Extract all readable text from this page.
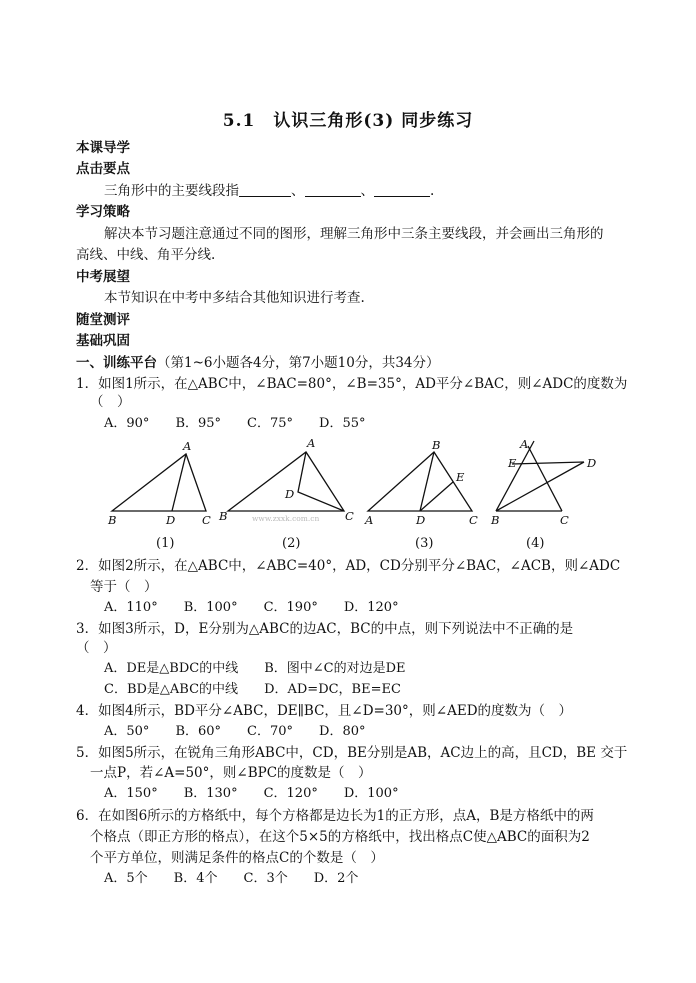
5.1　认识三角形(3) 同步练习
本课导学
点击要点
三角形中的主要线段指	、	、	.
学习策略
解决本节习题注意通过不同的图形，理解三角形中三条主要线段，并会画出三角形的
高线、中线、角平分线.
中考展望
本节知识在中考中多结合其他知识进行考查.
随堂测评
基础巩固
一、训练平台（第1~6小题各4分，第7小题10分，共34分）
1．如图1所示，在△ABC中，∠BAC=80°，∠B=35°，AD平分∠BAC，则∠ADC的度数为
（　）
A．90° B．95° C．75° D．55°
A
B	D C
A
B
D
C
B
A	D
E
C
A
E	D
B	C
www.zxxk.com.cn
(1)	(2)	(3)	(4)
2．如图2所示，在△ABC中，∠ABC=40°，AD，CD分别平分∠BAC，∠ACB，则∠ADC
等于（　）
A．110° B．100° C．190° D．120°
3．如图3所示，D，E分别为△ABC的边AC，BC的中点，则下列说法中不正确的是
（　）
A．DE是△BDC的中线 B．图中∠C的对边是DE
C．BD是△ABC的中线 D．AD=DC，BE=EC
4．如图4所示，BD平分∠ABC，DE∥BC，且∠D=30°，则∠AED的度数为（　）
A．50° B．60° C．70° D．80°
5．如图5所示，在锐角三角形ABC中，CD，BE分别是AB，AC边上的高，且CD，BE 交于
一点P，若∠A=50°，则∠BPC的度数是（　）
A．150° B．130° C．120° D．100°
6．在如图6所示的方格纸中，每个方格都是边长为1的正方形，点A，B是方格纸中的两
个格点（即正方形的格点），在这个5×5的方格纸中，找出格点C使△ABC的面积为2
个平方单位，则满足条件的格点C的个数是（　）
A．5个 B．4个 C．3个 D．2个
